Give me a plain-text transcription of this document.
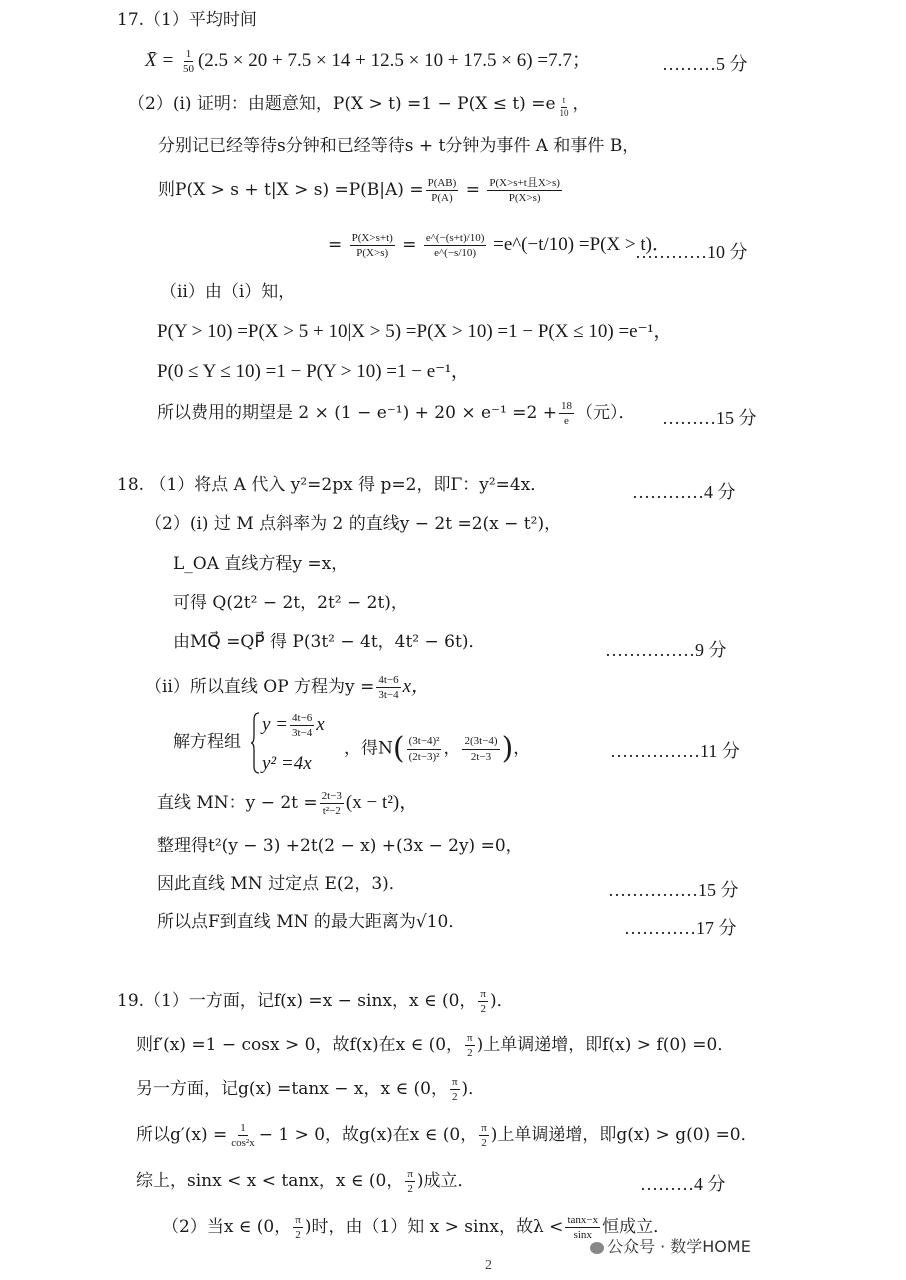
17.（1）平均时间
X̄ = $\frac{1}{50} (2.5 \times 20 + 7.5 \times 14 + 12.5 \times 10 + 17.5 \times 6) =7.7$；	………5 分
（2）(ⅰ) 证明：由题意知，P(X > t) =1 − P(X ≤ t) =e $^{\frac{t}{10}}$ ，
分别记已经等待s分钟和已经等待s + t分钟为事件 A 和事件 B，
则$P(X > s + t|X > s) =P(B|A) = \frac{P(AB)}{P(A)} = \frac{\text{P(X>s+t且X>s)}}{P(X>s)}$
= $\frac{P(X>s+t)}{P(X>s)} = \frac{e\^{}(-(s+t)/10)}{e\^{}(-s/10)}$ =e^(−t/10) =P(X > t)．
…………10 分
（ⅱ）由（ⅰ）知，
P(Y > 10) =P(X > 5 + 10|X > 5) =P(X > 10) =1 − P(X ≤ 10) =e⁻¹，
P(0 ≤ Y ≤ 10) =1 − P(Y > 10) =1 − e⁻¹，
所以费用的期望是 $2 \times (1 - e^{-1}) + 20 \times e^{-1} =2 + \frac{18}{e}$ （元）． ………15 分
18. （1）将点 A 代入 y²=2px 得 p=2，即Γ：y²=4x．	…………4 分
（2）(ⅰ) 过 M 点斜率为 2 的直线y − 2t =2(x − t²)，
L_OA 直线方程y =x，
可得 Q(2t² − 2t，2t² − 2t)，
由MQ⃗ =QP⃗ 得 P(3t² − 4t，4t² − 6t)．	……………9 分
（ⅱ）所以直线 OP 方程为$y = \frac{4t-6}{3t-4}$ x，
解方程组
$y = \frac{4t-6}{3t-4}$ x
y² =4x
，得$N( \frac{\text{(3t−4)²}}{\text{(2t−3)²}}$ ， $\frac{2(3t-4)}{2t-3}$ )，	……………11 分
直线 MN：$y - 2t = \frac{2t-3}{\text{t²−2}} (x - t^2)$，
整理得t²(y − 3) +2t(2 − x) +(3x − 2y) =0，
因此直线 MN 过定点 E(2，3)．	……………15 分
所以点F到直线 MN 的最大距离为√10．	…………17 分
19.（1）一方面，记f(x) =x − sinx，x ∈ (0， $\frac{\pi}{2}$ )．
则f′(x) =1 − cosx > 0，故f(x)在x ∈ (0， $\frac{\pi}{2}$ )上单调递增，即f(x) > f(0) =0．
另一方面，记g(x) =tanx − x，x ∈ (0， $\frac{\pi}{2}$ )．
所以$g'(x) = \frac{1}{\text{cos²x}} - 1 > 0$，故g(x)在x ∈ (0， $\frac{\pi}{2}$ )上单调递增，即g(x) > g(0) =0．
综上，sinx < x < tanx，x ∈ (0， $\frac{\pi}{2}$ )成立．	………4 分
（2）当x ∈ (0， $\frac{\pi}{2}$ )时，由（1）知 x > sinx，故$\lambda < \frac{\tan x-x}{\sin x}$ 恒成立．
公众号 · 数学HOME
2
